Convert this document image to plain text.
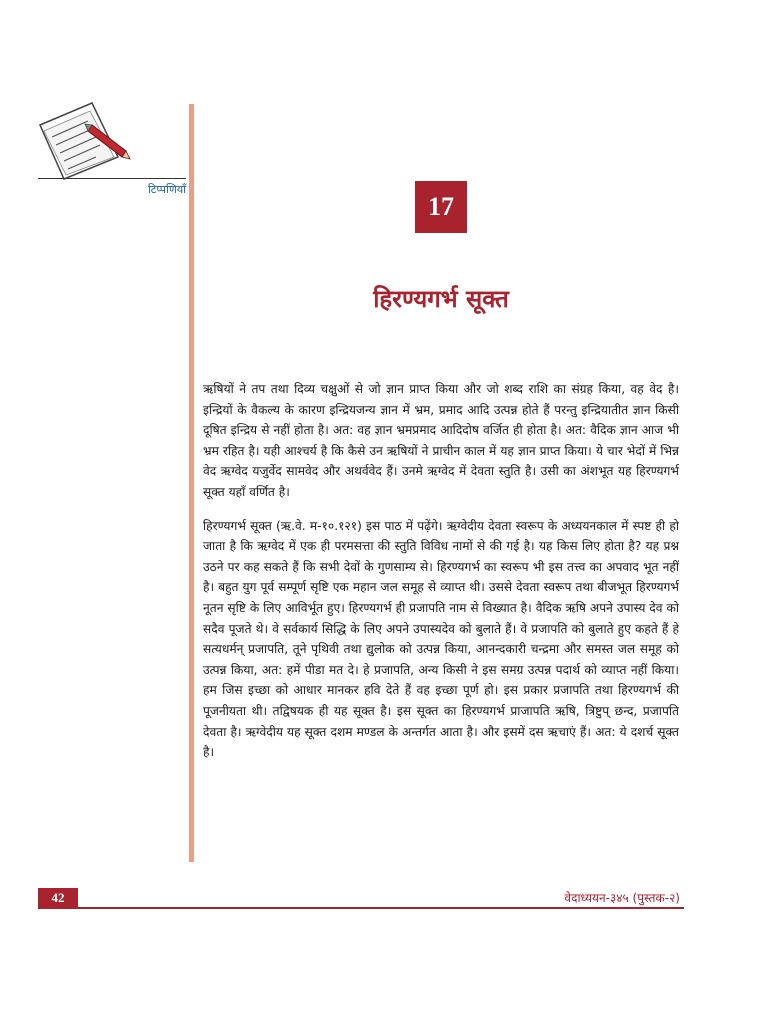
टिप्पणियाँ
17
हिरण्यगर्भ सूक्त

ऋषियों ने तप तथा दिव्य चक्षुओं से जो ज्ञान प्राप्त किया और जो शब्द राशि का संग्रह किया, वह वेद है। इन्द्रियों के वैकल्य के कारण इन्द्रियजन्य ज्ञान में भ्रम, प्रमाद आदि उत्पन्न होते हैं परन्तु इन्द्रियातीत ज्ञान किसी दूषित इन्द्रिय से नहीं होता है। अत: वह ज्ञान भ्रमप्रमाद आदिदोष वर्जित ही होता है। अत: वैदिक ज्ञान आज भी भ्रम रहित है। यही आश्चर्य है कि कैसे उन ऋषियों ने प्राचीन काल में यह ज्ञान प्राप्त किया। ये चार भेदों में भिन्न वेद ऋग्वेद यजुर्वेद सामवेद और अथर्ववेद हैं। उनमे ऋग्वेद में देवता स्तुति है। उसी का अंशभूत यह हिरण्यगर्भ सूक्त यहाँ वर्णित है।

हिरण्यगर्भ सूक्त (ऋ.वे. म-१०.१२१) इस पाठ में पढ़ेंगे। ऋग्वेदीय देवता स्वरूप के अध्ययनकाल में स्पष्ट ही हो जाता है कि ऋग्वेद में एक ही परमसत्ता की स्तुति विविध नामों से की गई है। यह किस लिए होता है? यह प्रश्न उठने पर कह सकते हैं कि सभी देवों के गुणसाम्य से। हिरण्यगर्भ का स्वरूप भी इस तत्त्व का अपवाद भूत नहीं है। बहुत युग पूर्व सम्पूर्ण सृष्टि एक महान जल समूह से व्याप्त थी। उससे देवता स्वरूप तथा बीजभूत हिरण्यगर्भ नूतन सृष्टि के लिए आविर्भूत हुए। हिरण्यगर्भ ही प्रजापति नाम से विख्यात है। वैदिक ऋषि अपने उपास्य देव को सदैव पूजते थे। वे सर्वकार्य सिद्धि के लिए अपने उपास्यदेव को बुलाते हैं। वे प्रजापति को बुलाते हुए कहते हैं हे सत्यधर्मन् प्रजापति, तूने पृथिवी तथा द्युलोक को उत्पन्न किया, आनन्दकारी चन्द्रमा और समस्त जल समूह को उत्पन्न किया, अत: हमें पीडा मत दे। हे प्रजापति, अन्य किसी ने इस समग्र उत्पन्न पदार्थ को व्याप्त नहीं किया। हम जिस इच्छा को आधार मानकर हवि देते हैं वह इच्छा पूर्ण हो। इस प्रकार प्रजापति तथा हिरण्यगर्भ की पूजनीयता थी। तद्विषयक ही यह सूक्त है। इस सूक्त का हिरण्यगर्भ प्राजापति ऋषि, त्रिष्टुप् छन्द, प्रजापति देवता है। ऋग्वेदीय यह सूक्त दशम मण्डल के अन्तर्गत आता है। और इसमें दस ऋचाएं हैं। अत: ये दशर्च सूक्त है।

42	वेदाध्ययन-३४५ (पुस्तक-२)
